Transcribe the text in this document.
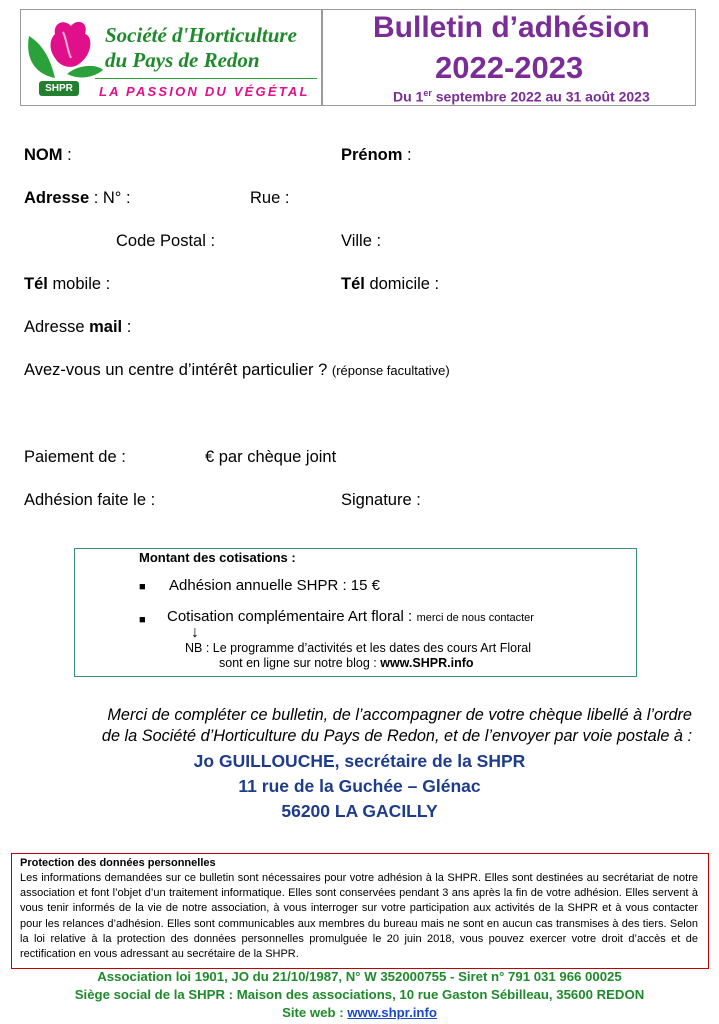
SHPR
Société d'Horticulture
du Pays de Redon
LA PASSION DU VÉGÉTAL
Bulletin d’adhésion
2022-2023
Du 1er septembre 2022 au 31 août 2023
NOM :	Prénom :
Adresse : N° :	Rue :
Code Postal :	Ville :
Tél mobile :	Tél domicile :
Adresse mail :
Avez-vous un centre d’intérêt particulier ? (réponse facultative)
Paiement de :	€ par chèque joint
Adhésion faite le :	Signature :
Montant des cotisations :
■ Adhésion annuelle SHPR : 15 €
■ Cotisation complémentaire Art floral : merci de nous contacter
↓
NB : Le programme d’activités et les dates des cours Art Floral
sont en ligne sur notre blog : www.SHPR.info
Merci de compléter ce bulletin, de l’accompagner de votre chèque libellé à l’ordre
de la Société d’Horticulture du Pays de Redon, et de l’envoyer par voie postale à :
Jo GUILLOUCHE, secrétaire de la SHPR
11 rue de la Guchée – Glénac
56200 LA GACILLY
Protection des données personnelles
Les informations demandées sur ce bulletin sont nécessaires pour votre adhésion à la SHPR. Elles sont destinées au secrétariat de notre association et font l’objet d’un traitement informatique. Elles sont conservées pendant 3 ans après la fin de votre adhésion. Elles servent à vous tenir informés de la vie de notre association, à vous interroger sur votre participation aux activités de la SHPR et à vous contacter pour les relances d’adhésion. Elles sont communicables aux membres du bureau mais ne sont en aucun cas transmises à des tiers. Selon la loi relative à la protection des données personnelles promulguée le 20 juin 2018, vous pouvez exercer votre droit d’accès et de rectification en vous adressant au secrétaire de la SHPR.
Association loi 1901, JO du 21/10/1987, N° W 352000755 - Siret n° 791 031 966 00025
Siège social de la SHPR : Maison des associations, 10 rue Gaston Sébilleau, 35600 REDON
Site web : www.shpr.info
